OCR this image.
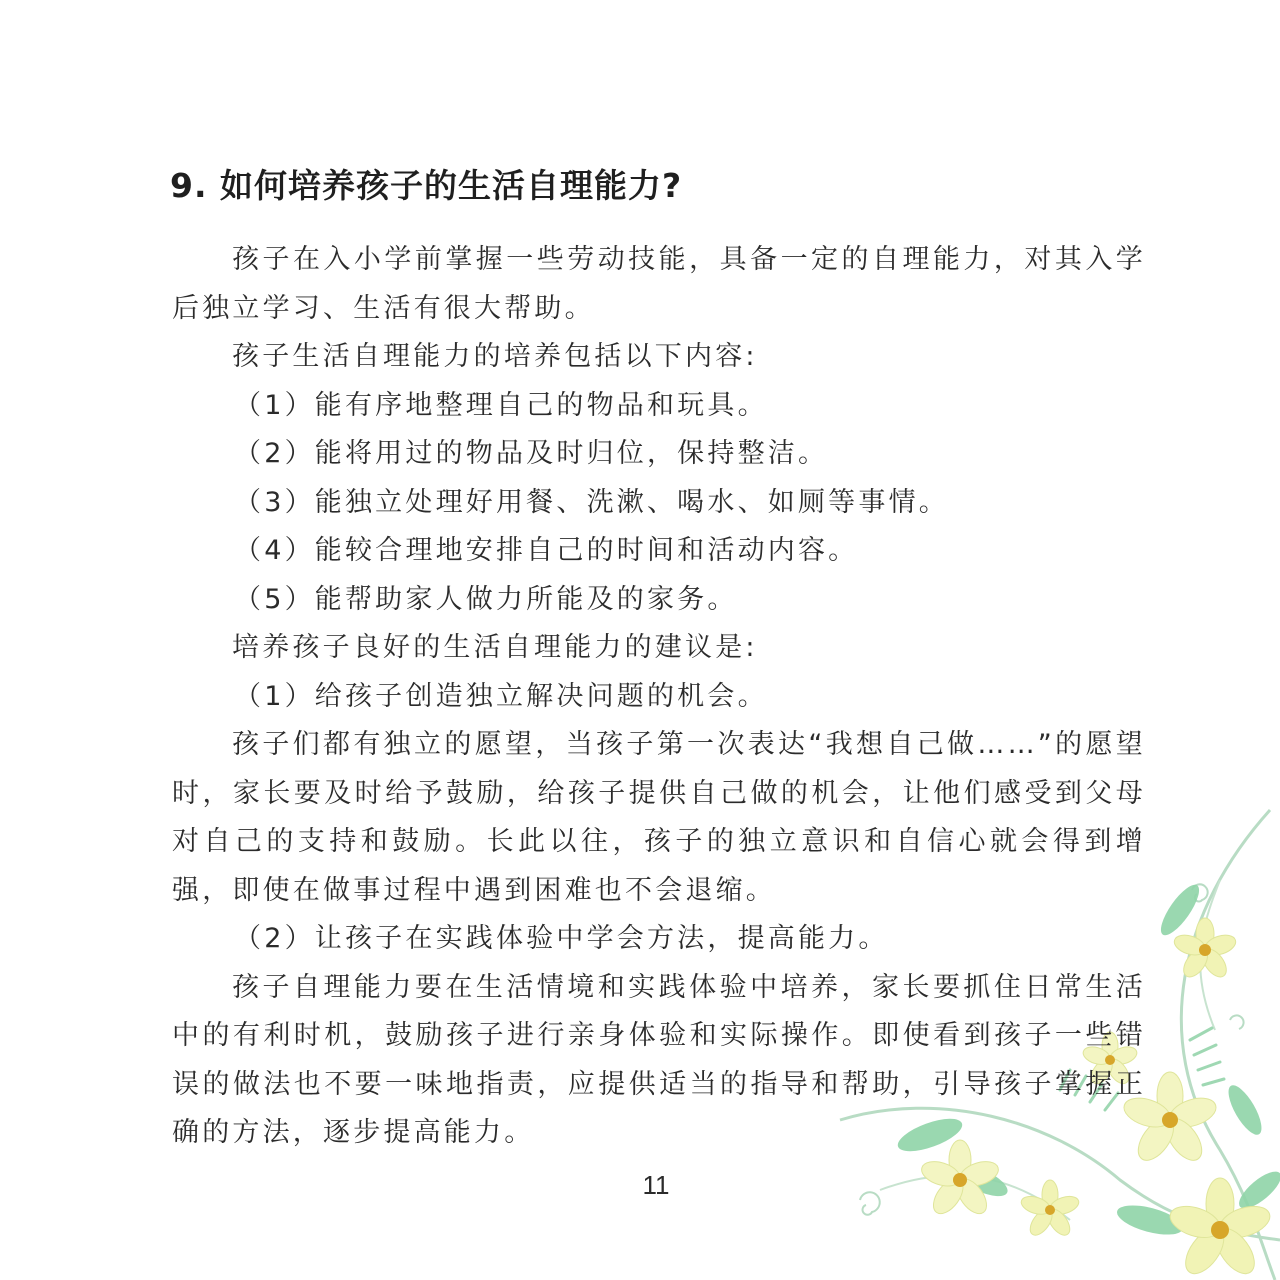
9. 如何培养孩子的生活自理能力?

孩子在入小学前掌握一些劳动技能，具备一定的自理能力，对其入学后独立学习、生活有很大帮助。

孩子生活自理能力的培养包括以下内容:

（1）能有序地整理自己的物品和玩具。

（2）能将用过的物品及时归位，保持整洁。

（3）能独立处理好用餐、洗漱、喝水、如厕等事情。

（4）能较合理地安排自己的时间和活动内容。

（5）能帮助家人做力所能及的家务。

培养孩子良好的生活自理能力的建议是:

（1）给孩子创造独立解决问题的机会。

孩子们都有独立的愿望，当孩子第一次表达“我想自己做……”的愿望时，家长要及时给予鼓励，给孩子提供自己做的机会，让他们感受到父母对自己的支持和鼓励。长此以往，孩子的独立意识和自信心就会得到增强，即使在做事过程中遇到困难也不会退缩。

（2）让孩子在实践体验中学会方法，提高能力。

孩子自理能力要在生活情境和实践体验中培养，家长要抓住日常生活中的有利时机，鼓励孩子进行亲身体验和实际操作。即使看到孩子一些错误的做法也不要一味地指责，应提供适当的指导和帮助，引导孩子掌握正确的方法，逐步提高能力。

11
